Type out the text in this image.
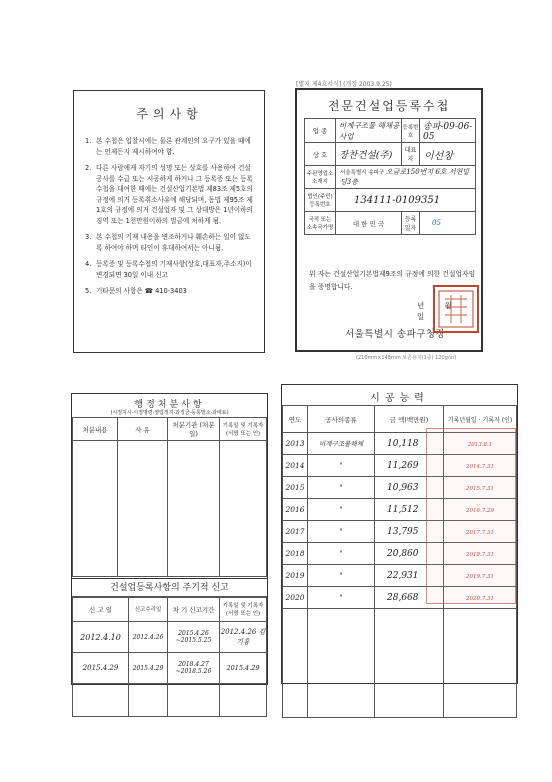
주의사항
1. 본 수첩은 입찰시에는 물론 관계인의 요구가 있을 때에는 언제든지 제시하여야 함.
2. 다른 사람에게 자기의 성명 또는 상호를 사용하여 건설공사를 수급 또는 시공하게 하거나 그 등록증 또는 등록수첩을 대여한 때에는 건설산업기본법 제83조 제5호의 규정에 의거 등록취소사유에 해당되며, 동법 제95조 제1호의 규정에 의거 건설업자 및 그 상대방은 1년이하의 징역 또는 1천만원이하의 벌금에 처하게 됨.
3. 본 수첩의 기재 내용을 변조하거나 훼손하는 일이 없도록 하여야 하며 타인이 휴대하여서는 아니됨.
4. 등록증 및 등록수첩의 기재사항(상호,대표자,주소지)이 변경되면 30일 이내 신고
5. 기타문의 사항은 ☎ 410-3403
[별지 제4호서식] (개정 2003.9.25)
전문건설업등록수첩
업 종	비계구조물 해체공사업	등록번호	송파-09-06-05
상 호	장찬건설(주)	대표자	이선창
주된영업소 소재지	서울특별시 송파구 오금로150번지 6호 서현빌딩3층		
법인(주민) 등록번호	134111-0109351		
국적 또는 소속국가명	대 한 민 국	등록일자	05
위 자는 건설산업기본법제9조의 규정에 의한 건설업자임을 증명합니다.
년 월 일
서울특별시 송파구청장
(210mm×148mm 보존용지(1종) 120g/㎡)
행정처분사항
(시정지시·시정명령·영업정지·과징금·등록말소·과태료)
처분내용	사 유	처분기관 (처분일)	기록일 및 기록자 (서명 또는 인)

건설업등록사항의 주기적 신고
신 고 일	신고수리일	차 기 신고기간	기록일 및 기록자 (서명 또는 인)
2012.4.10	2012.4.26	2015.4.26 ~2015.5.25	2012.4.26 김기홍
2015.4.29	2015.4.29	2018.4.27 ~2018.5.26	2015.4.29

시공능력
연도	공사의종류	금 액(백만원)	기록년월일 · 기록자 (인)
2013	비계구조물해체	10,118	2013.8.1
2014	"	11,269	2014.7.31
2015	"	10,963	2015.7.31
2016	"	11,512	2016.7.29
2017	"	13,795	2017.7.31
2018	"	20,860	2018.7.31
2019	"	22,931	2019.7.31
2020	"	28,668	2020.7.31
